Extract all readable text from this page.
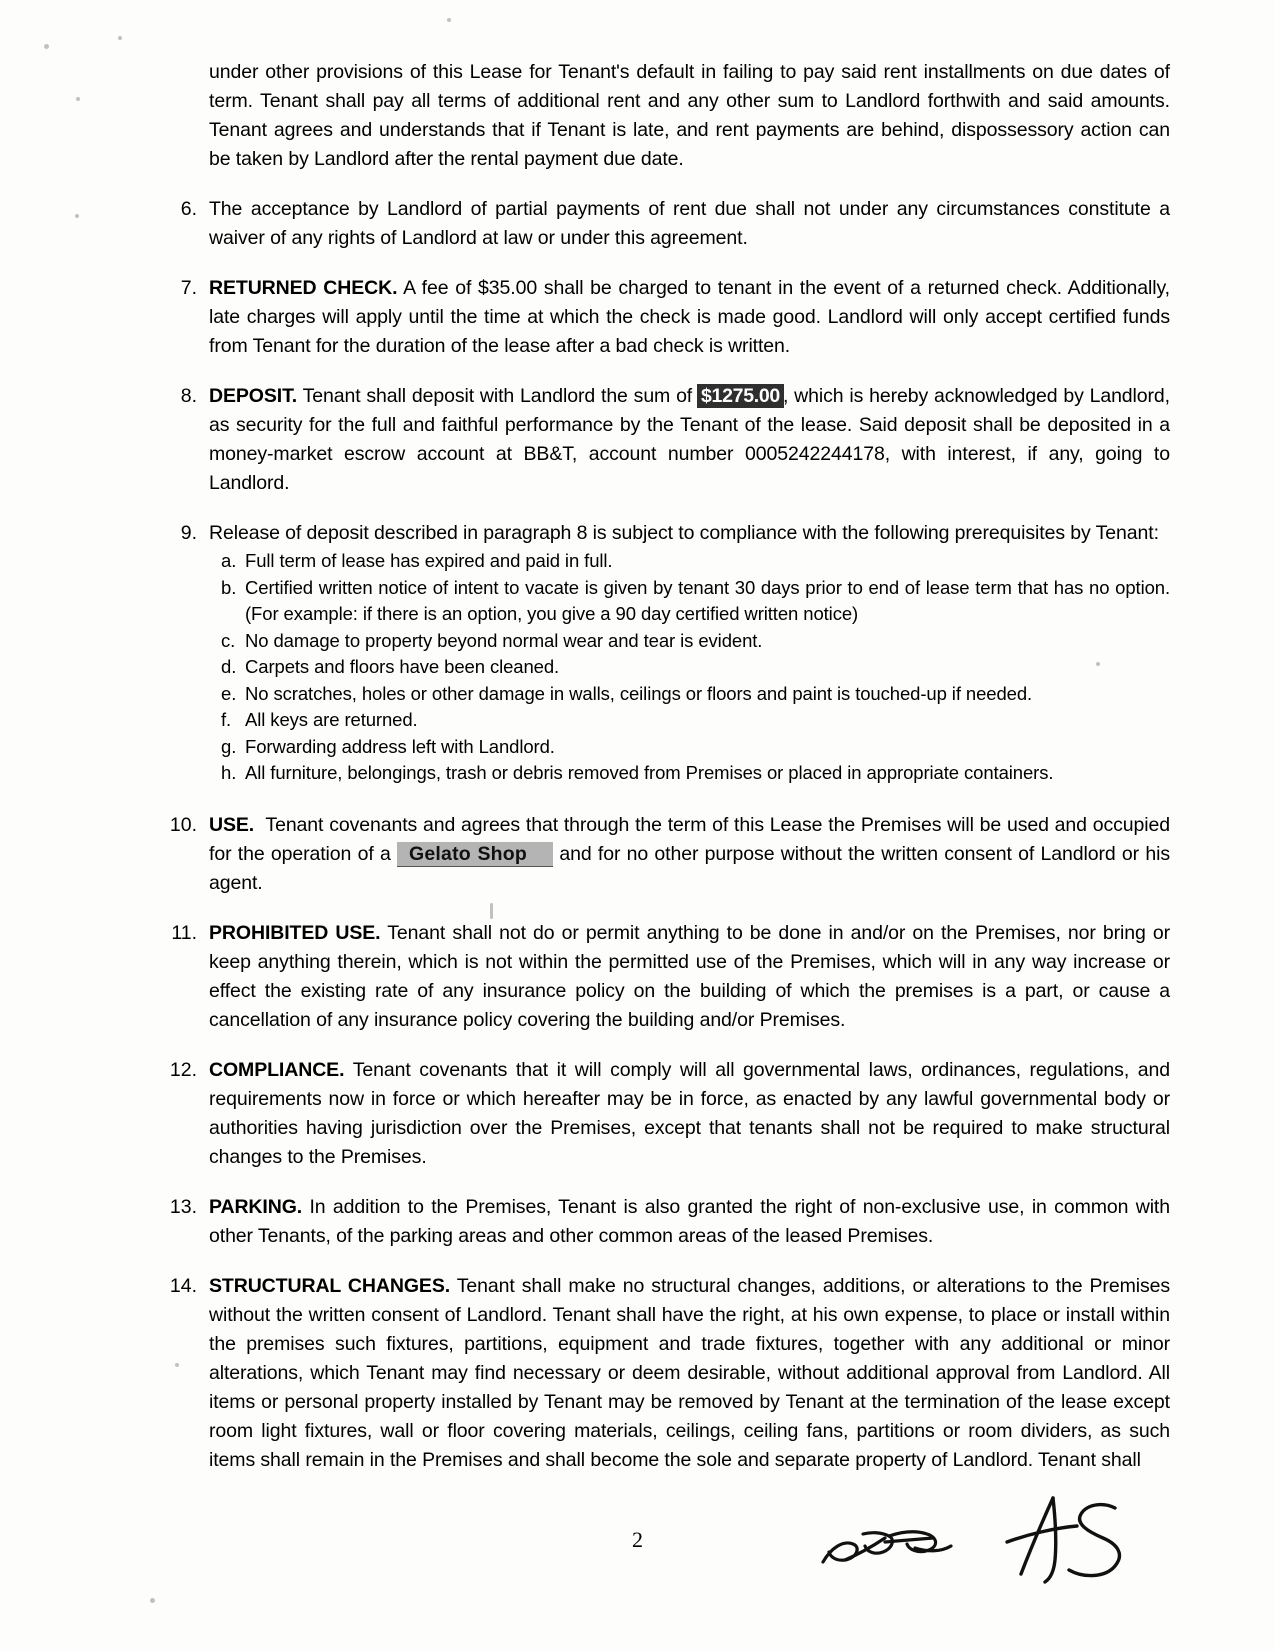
under other provisions of this Lease for Tenant's default in failing to pay said rent installments on due dates of term. Tenant shall pay all terms of additional rent and any other sum to Landlord forthwith and said amounts. Tenant agrees and understands that if Tenant is late, and rent payments are behind, dispossessory action can be taken by Landlord after the rental payment due date.
6. The acceptance by Landlord of partial payments of rent due shall not under any circumstances constitute a waiver of any rights of Landlord at law or under this agreement.
7. RETURNED CHECK. A fee of $35.00 shall be charged to tenant in the event of a returned check. Additionally, late charges will apply until the time at which the check is made good. Landlord will only accept certified funds from Tenant for the duration of the lease after a bad check is written.
8. DEPOSIT. Tenant shall deposit with Landlord the sum of $1275.00 , which is hereby acknowledged by Landlord, as security for the full and faithful performance by the Tenant of the lease. Said deposit shall be deposited in a money-market escrow account at BB&T, account number 0005242244178, with interest, if any, going to Landlord.
9. Release of deposit described in paragraph 8 is subject to compliance with the following prerequisites by Tenant:
a. Full term of lease has expired and paid in full.
b. Certified written notice of intent to vacate is given by tenant 30 days prior to end of lease term that has no option. (For example: if there is an option, you give a 90 day certified written notice)
c. No damage to property beyond normal wear and tear is evident.
d. Carpets and floors have been cleaned.
e. No scratches, holes or other damage in walls, ceilings or floors and paint is touched-up if needed.
f. All keys are returned.
g. Forwarding address left with Landlord.
h. All furniture, belongings, trash or debris removed from Premises or placed in appropriate containers.
10. USE. Tenant covenants and agrees that through the term of this Lease the Premises will be used and occupied for the operation of a Gelato Shop and for no other purpose without the written consent of Landlord or his agent.
11. PROHIBITED USE. Tenant shall not do or permit anything to be done in and/or on the Premises, nor bring or keep anything therein, which is not within the permitted use of the Premises, which will in any way increase or effect the existing rate of any insurance policy on the building of which the premises is a part, or cause a cancellation of any insurance policy covering the building and/or Premises.
12. COMPLIANCE. Tenant covenants that it will comply will all governmental laws, ordinances, regulations, and requirements now in force or which hereafter may be in force, as enacted by any lawful governmental body or authorities having jurisdiction over the Premises, except that tenants shall not be required to make structural changes to the Premises.
13. PARKING. In addition to the Premises, Tenant is also granted the right of non-exclusive use, in common with other Tenants, of the parking areas and other common areas of the leased Premises.
14. STRUCTURAL CHANGES. Tenant shall make no structural changes, additions, or alterations to the Premises without the written consent of Landlord. Tenant shall have the right, at his own expense, to place or install within the premises such fixtures, partitions, equipment and trade fixtures, together with any additional or minor alterations, which Tenant may find necessary or deem desirable, without additional approval from Landlord. All items or personal property installed by Tenant may be removed by Tenant at the termination of the lease except room light fixtures, wall or floor covering materials, ceilings, ceiling fans, partitions or room dividers, as such items shall remain in the Premises and shall become the sole and separate property of Landlord. Tenant shall
2
